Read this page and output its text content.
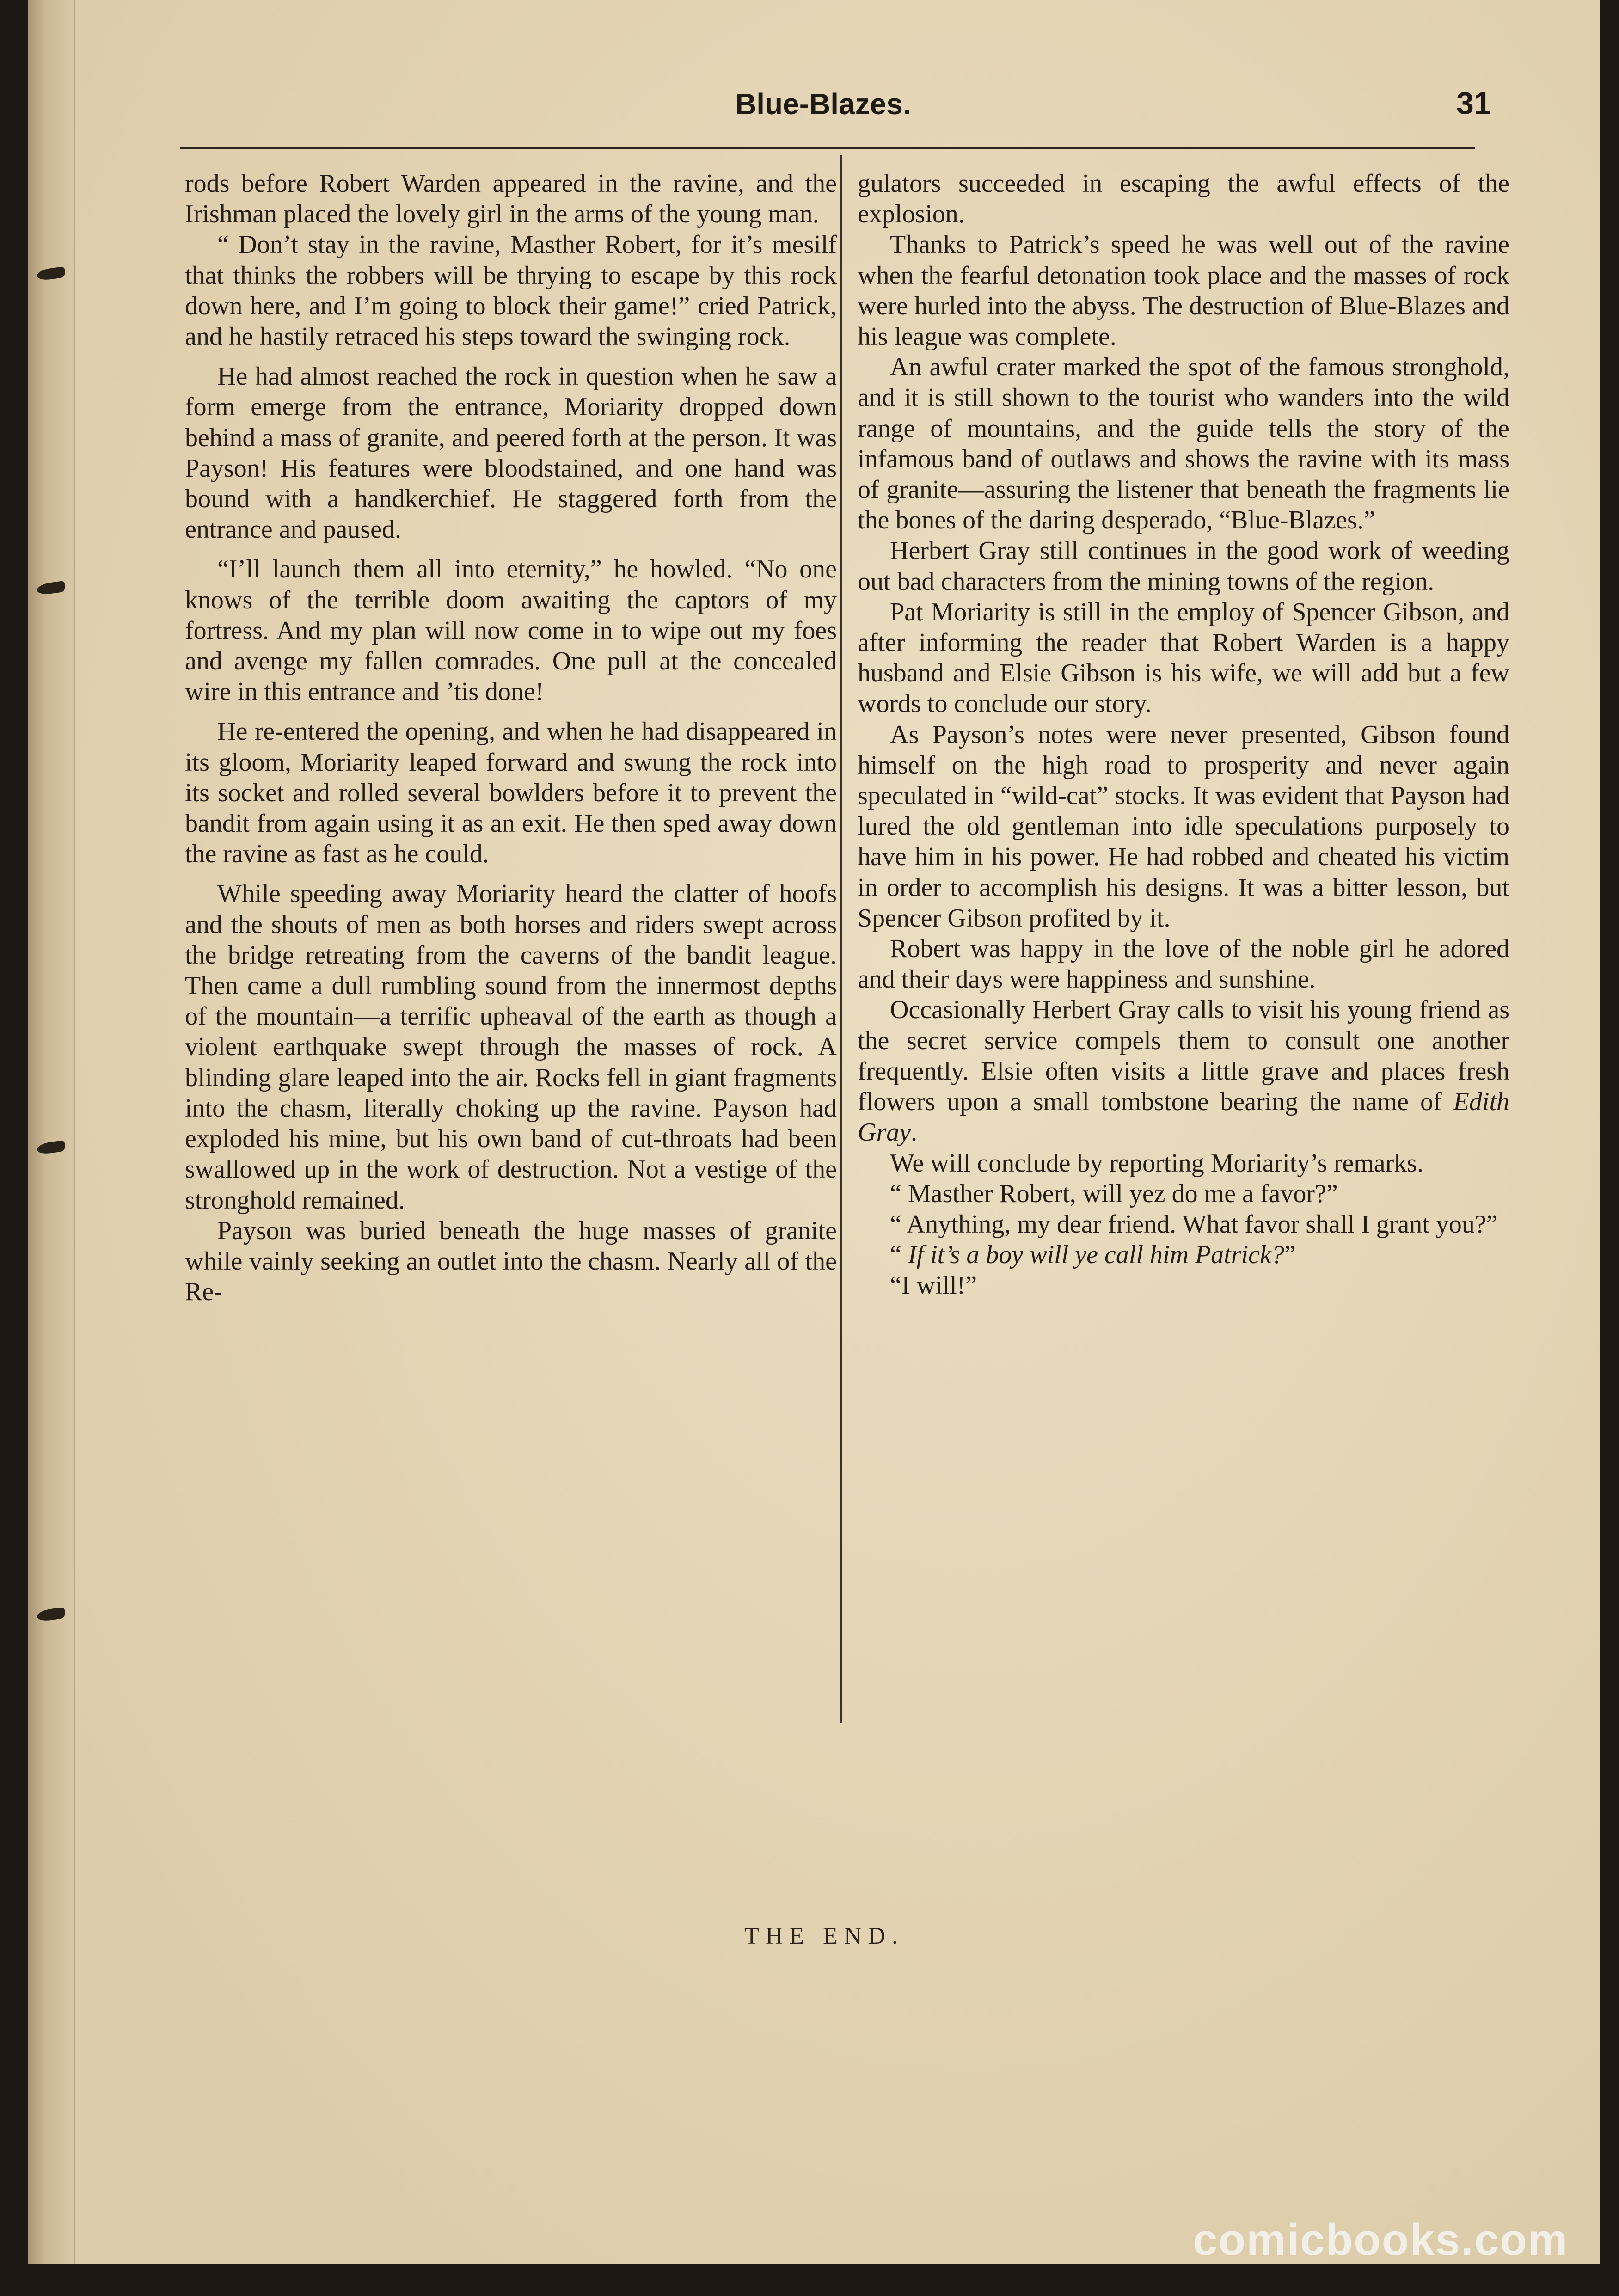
Blue-Blazes.	31

rods before Robert Warden appeared in the ravine, and the Irishman placed the lovely girl in the arms of the young man.

“ Don’t stay in the ravine, Masther Robert, for it’s mesilf that thinks the robbers will be thrying to escape by this rock down here, and I’m going to block their game!” cried Patrick, and he hastily retraced his steps toward the swinging rock.

He had almost reached the rock in question when he saw a form emerge from the entrance, Moriarity dropped down behind a mass of granite, and peered forth at the person. It was Payson! His features were bloodstained, and one hand was bound with a handkerchief. He staggered forth from the entrance and paused.

“I’ll launch them all into eternity,” he howled. “No one knows of the terrible doom awaiting the captors of my fortress. And my plan will now come in to wipe out my foes and avenge my fallen comrades. One pull at the concealed wire in this entrance and ’tis done!

He re-entered the opening, and when he had disappeared in its gloom, Moriarity leaped forward and swung the rock into its socket and rolled several bowlders before it to prevent the bandit from again using it as an exit. He then sped away down the ravine as fast as he could.

While speeding away Moriarity heard the clatter of hoofs and the shouts of men as both horses and riders swept across the bridge retreating from the caverns of the bandit league. Then came a dull rumbling sound from the innermost depths of the mountain—a terrific upheaval of the earth as though a violent earthquake swept through the masses of rock. A blinding glare leaped into the air. Rocks fell in giant fragments into the chasm, literally choking up the ravine. Payson had exploded his mine, but his own band of cut-throats had been swallowed up in the work of destruction. Not a vestige of the stronghold remained.

Payson was buried beneath the huge masses of granite while vainly seeking an outlet into the chasm. Nearly all of the Re-

gulators succeeded in escaping the awful effects of the explosion.

Thanks to Patrick’s speed he was well out of the ravine when the fearful detonation took place and the masses of rock were hurled into the abyss. The destruction of Blue-Blazes and his league was complete.

An awful crater marked the spot of the famous stronghold, and it is still shown to the tourist who wanders into the wild range of mountains, and the guide tells the story of the infamous band of outlaws and shows the ravine with its mass of granite—assuring the listener that beneath the fragments lie the bones of the daring desperado, “Blue-Blazes.”

Herbert Gray still continues in the good work of weeding out bad characters from the mining towns of the region.

Pat Moriarity is still in the employ of Spencer Gibson, and after informing the reader that Robert Warden is a happy husband and Elsie Gibson is his wife, we will add but a few words to conclude our story.

As Payson’s notes were never presented, Gibson found himself on the high road to prosperity and never again speculated in “wild-cat” stocks. It was evident that Payson had lured the old gentleman into idle speculations purposely to have him in his power. He had robbed and cheated his victim in order to accomplish his designs. It was a bitter lesson, but Spencer Gibson profited by it.

Robert was happy in the love of the noble girl he adored and their days were happiness and sunshine.

Occasionally Herbert Gray calls to visit his young friend as the secret service compels them to consult one another frequently. Elsie often visits a little grave and places fresh flowers upon a small tombstone bearing the name of Edith Gray.

We will conclude by reporting Moriarity’s remarks.

“ Masther Robert, will yez do me a favor?”

“ Anything, my dear friend. What favor shall I grant you?”

“ If it’s a boy will ye call him Patrick?”

“I will!”

THE END.
comicbooks.com
